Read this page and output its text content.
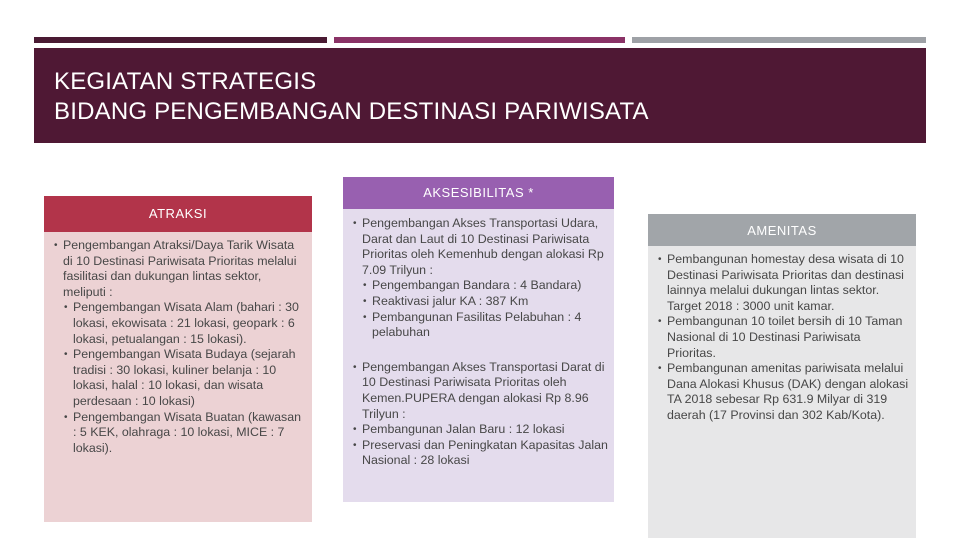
KEGIATAN STRATEGIS
BIDANG PENGEMBANGAN DESTINASI PARIWISATA
ATRAKSI
• Pengembangan Atraksi/Daya Tarik Wisata di 10 Destinasi Pariwisata Prioritas melalui fasilitasi dan dukungan lintas sektor, meliputi :
• Pengembangan Wisata Alam (bahari : 30 lokasi, ekowisata : 21 lokasi, geopark : 6 lokasi, petualangan : 15 lokasi).
• Pengembangan Wisata Budaya (sejarah tradisi : 30 lokasi, kuliner belanja : 10 lokasi, halal : 10 lokasi, dan wisata perdesaan : 10 lokasi)
• Pengembangan Wisata Buatan (kawasan : 5 KEK, olahraga : 10 lokasi, MICE : 7 lokasi).
AKSESIBILITAS *
• Pengembangan Akses Transportasi Udara, Darat dan Laut di 10 Destinasi Pariwisata Prioritas oleh Kemenhub dengan alokasi Rp 7.09 Trilyun :
• Pengembangan Bandara : 4 Bandara)
• Reaktivasi jalur KA : 387 Km
• Pembangunan Fasilitas Pelabuhan : 4 pelabuhan
• Pengembangan Akses Transportasi Darat di 10 Destinasi Pariwisata Prioritas oleh Kemen.PUPERA dengan alokasi Rp 8.96 Trilyun :
• Pembangunan Jalan Baru : 12 lokasi
• Preservasi dan Peningkatan Kapasitas Jalan Nasional : 28 lokasi
AMENITAS
• Pembangunan homestay desa wisata di 10 Destinasi Pariwisata Prioritas dan destinasi lainnya melalui dukungan lintas sektor. Target 2018 : 3000 unit kamar.
• Pembangunan 10 toilet bersih di 10 Taman Nasional di 10 Destinasi Pariwisata Prioritas.
• Pembangunan amenitas pariwisata melalui Dana Alokasi Khusus (DAK) dengan alokasi TA 2018 sebesar Rp 631.9 Milyar di 319 daerah (17 Provinsi dan 302 Kab/Kota).
